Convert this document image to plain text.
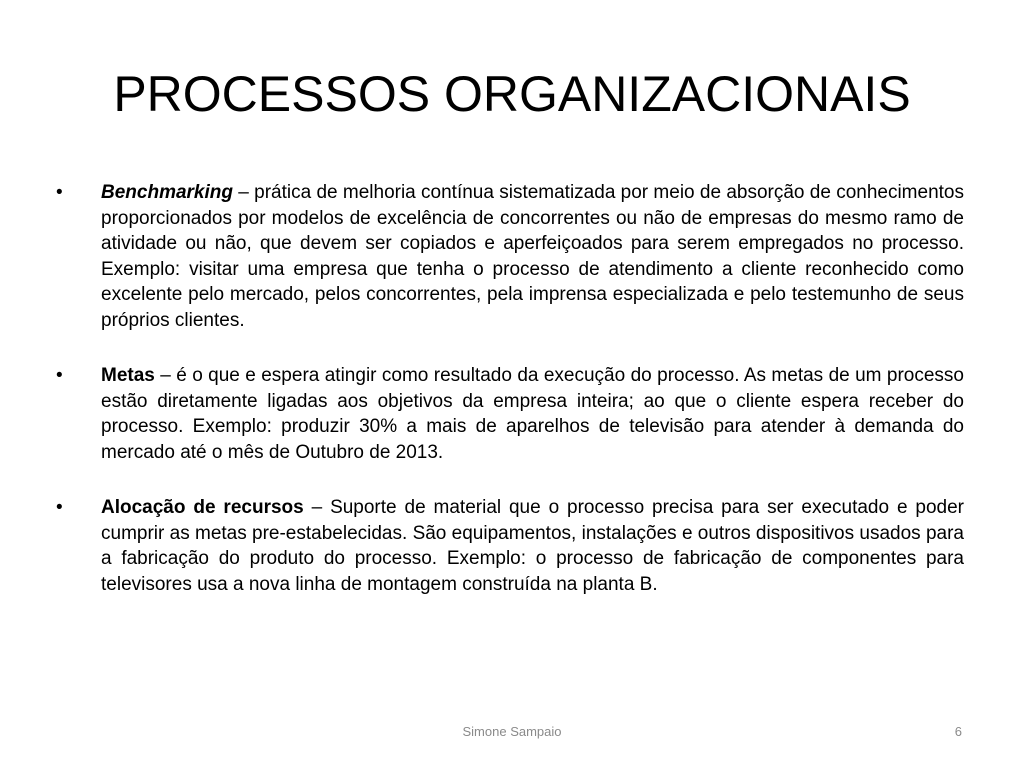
PROCESSOS ORGANIZACIONAIS
•	Benchmarking – prática de melhoria contínua sistematizada por meio de absorção de conhecimentos proporcionados por modelos de excelência de concorrentes ou não de empresas do mesmo ramo de atividade ou não, que devem ser copiados e aperfeiçoados para serem empregados no processo. Exemplo: visitar uma empresa que tenha o processo de atendimento a cliente reconhecido como excelente pelo mercado, pelos concorrentes, pela imprensa especializada e pelo testemunho de seus próprios clientes.
•	Metas – é o que e espera atingir como resultado da execução do processo. As metas de um processo estão diretamente ligadas aos objetivos da empresa inteira; ao que o cliente espera receber do processo. Exemplo: produzir 30% a mais de aparelhos de televisão para atender à demanda do mercado até o mês de Outubro de 2013.
•	Alocação de recursos – Suporte de material que o processo precisa para ser executado e poder cumprir as metas pre-estabelecidas. São equipamentos, instalações e outros dispositivos usados para a fabricação do produto do processo. Exemplo: o processo de fabricação de componentes para televisores usa a nova linha de montagem construída na planta B.
Simone Sampaio	6
